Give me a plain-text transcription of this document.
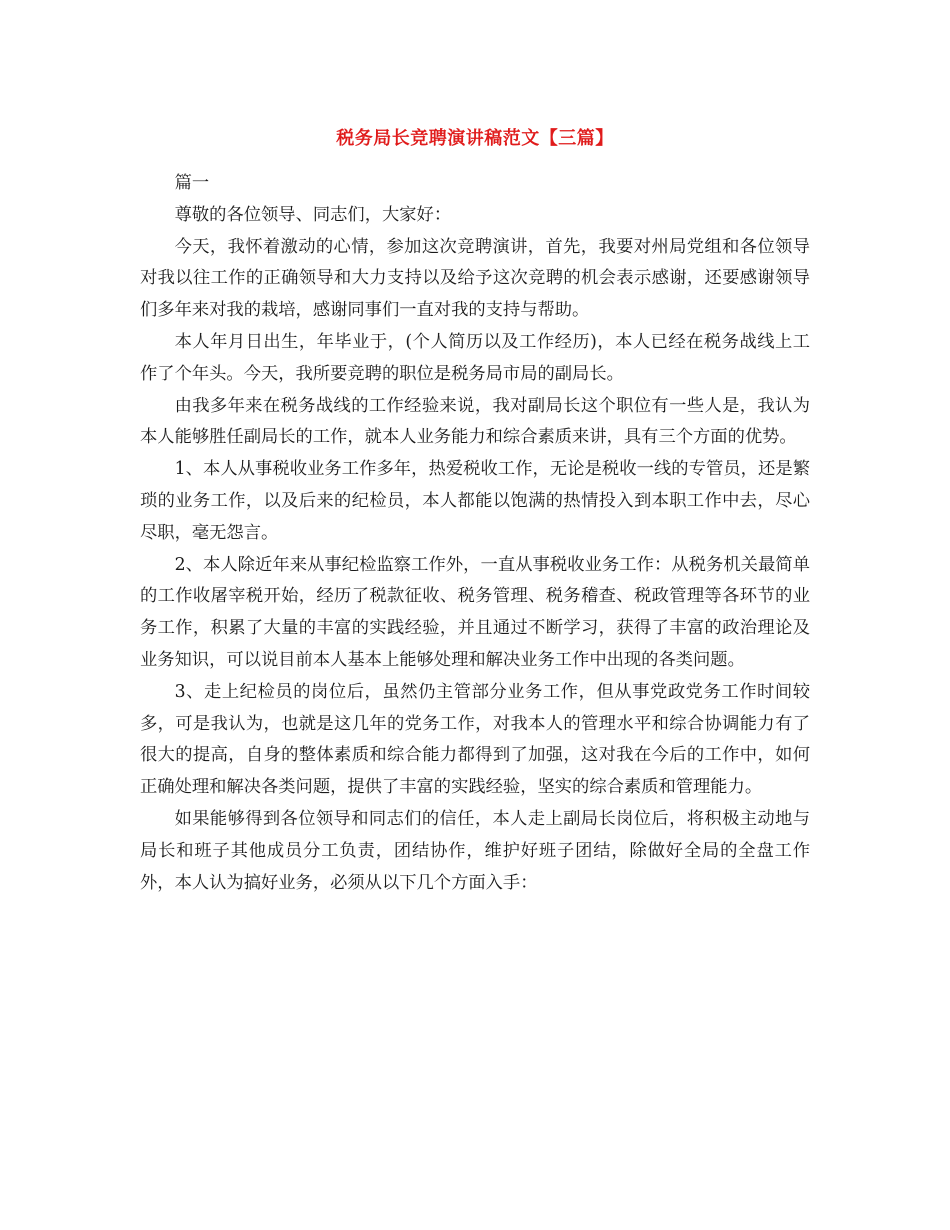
税务局长竞聘演讲稿范文【三篇】

篇一

尊敬的各位领导、同志们，大家好：

今天，我怀着激动的心情，参加这次竞聘演讲，首先，我要对州局党组和各位领导对我以往工作的正确领导和大力支持以及给予这次竞聘的机会表示感谢，还要感谢领导们多年来对我的栽培，感谢同事们一直对我的支持与帮助。

本人年月日出生，年毕业于，(个人简历以及工作经历)，本人已经在税务战线上工作了个年头。今天，我所要竞聘的职位是税务局市局的副局长。

由我多年来在税务战线的工作经验来说，我对副局长这个职位有一些人是，我认为本人能够胜任副局长的工作，就本人业务能力和综合素质来讲，具有三个方面的优势。

1、本人从事税收业务工作多年，热爱税收工作，无论是税收一线的专管员，还是繁琐的业务工作，以及后来的纪检员，本人都能以饱满的热情投入到本职工作中去，尽心尽职，毫无怨言。

2、本人除近年来从事纪检监察工作外，一直从事税收业务工作：从税务机关最简单的工作收屠宰税开始，经历了税款征收、税务管理、税务稽查、税政管理等各环节的业务工作，积累了大量的丰富的实践经验，并且通过不断学习，获得了丰富的政治理论及业务知识，可以说目前本人基本上能够处理和解决业务工作中出现的各类问题。

3、走上纪检员的岗位后，虽然仍主管部分业务工作，但从事党政党务工作时间较多，可是我认为，也就是这几年的党务工作，对我本人的管理水平和综合协调能力有了很大的提高，自身的整体素质和综合能力都得到了加强，这对我在今后的工作中，如何正确处理和解决各类问题，提供了丰富的实践经验，坚实的综合素质和管理能力。

如果能够得到各位领导和同志们的信任，本人走上副局长岗位后，将积极主动地与局长和班子其他成员分工负责，团结协作，维护好班子团结，除做好全局的全盘工作外，本人认为搞好业务，必须从以下几个方面入手：
